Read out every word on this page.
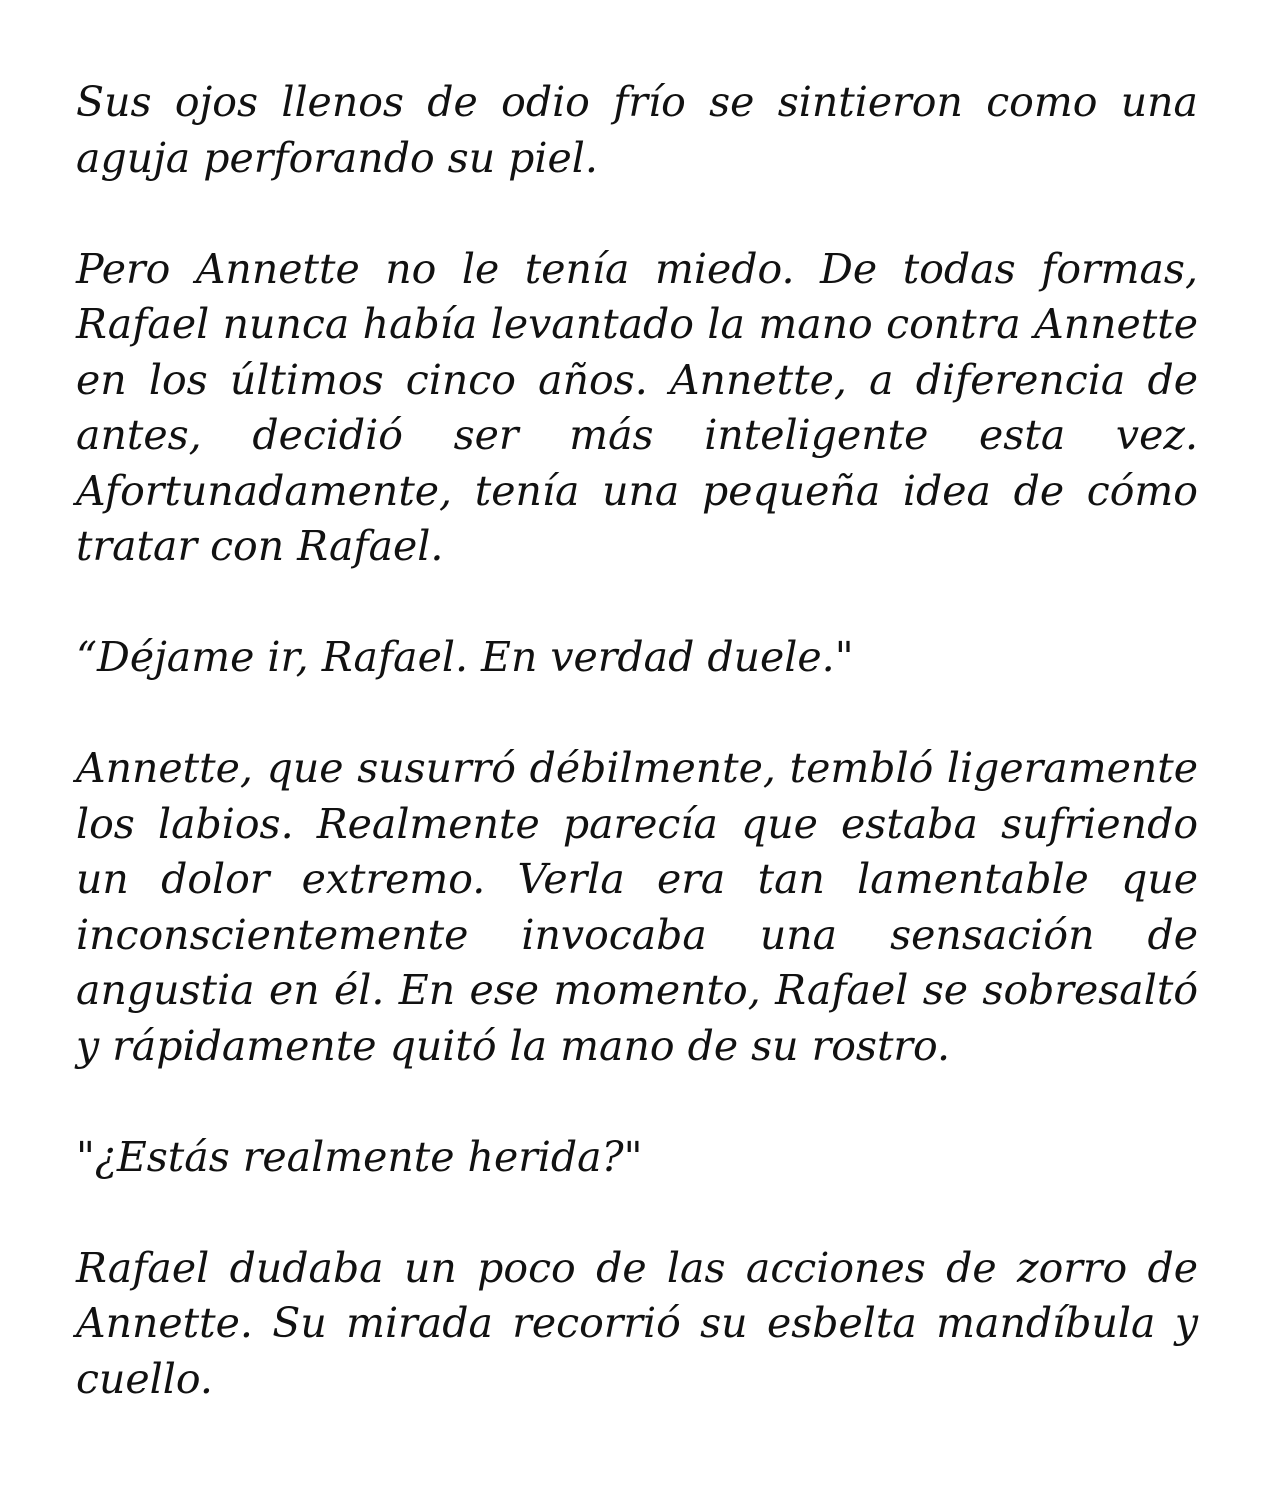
Sus ojos llenos de odio frío se sintieron como una aguja perforando su piel.

Pero Annette no le tenía miedo. De todas formas, Rafael nunca había levantado la mano contra Annette en los últimos cinco años. Annette, a diferencia de antes, decidió ser más inteligente esta vez. Afortunadamente, tenía una pequeña idea de cómo tratar con Rafael.

“Déjame ir, Rafael. En verdad duele."

Annette, que susurró débilmente, tembló ligeramente los labios. Realmente parecía que estaba sufriendo un dolor extremo. Verla era tan lamentable que inconscientemente invocaba una sensación de angustia en él. En ese momento, Rafael se sobresaltó y rápidamente quitó la mano de su rostro.

"¿Estás realmente herida?"

Rafael dudaba un poco de las acciones de zorro de Annette. Su mirada recorrió su esbelta mandíbula y cuello.
